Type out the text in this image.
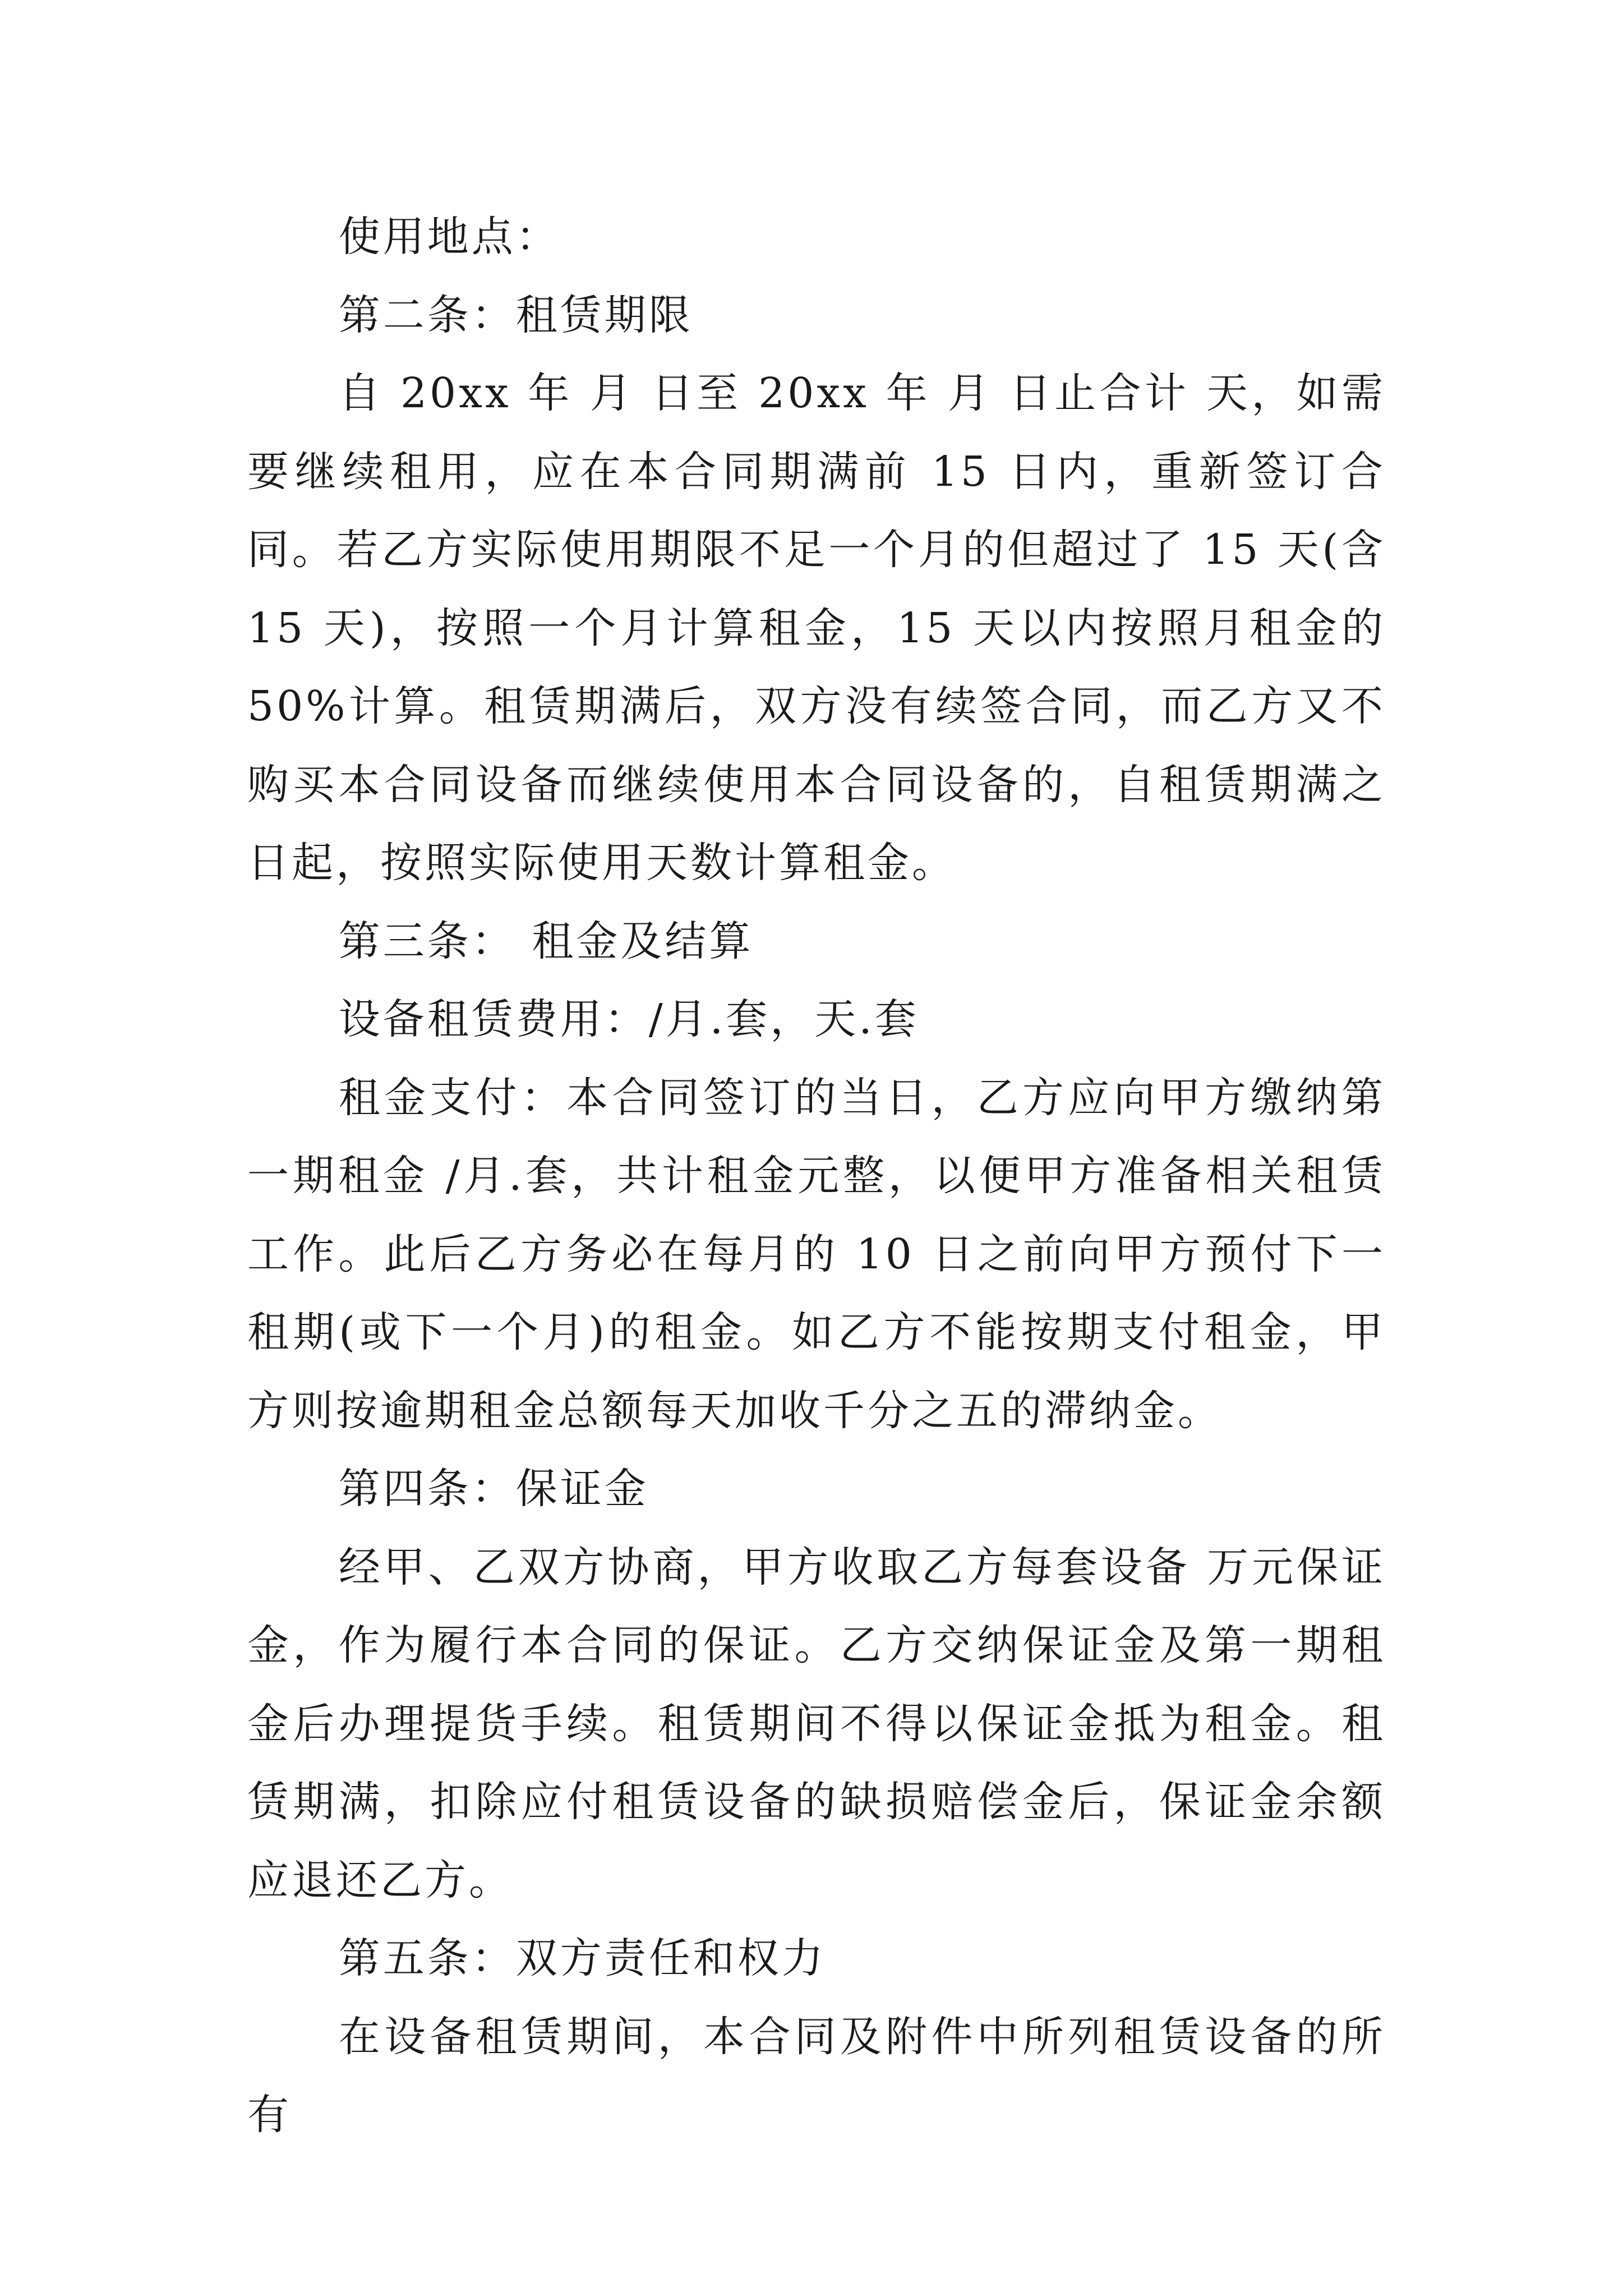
使用地点：

第二条：租赁期限

自 20xx 年 月 日至 20xx 年 月 日止合计 天，如需要继续租用，应在本合同期满前 15 日内，重新签订合同。若乙方实际使用期限不足一个月的但超过了 15 天(含 15 天)，按照一个月计算租金，15 天以内按照月租金的 50%计算。租赁期满后，双方没有续签合同，而乙方又不购买本合同设备而继续使用本合同设备的，自租赁期满之日起，按照实际使用天数计算租金。

第三条： 租金及结算

设备租赁费用：/月.套，天.套

租金支付：本合同签订的当日，乙方应向甲方缴纳第一期租金 /月.套，共计租金元整，以便甲方准备相关租赁工作。此后乙方务必在每月的 10 日之前向甲方预付下一租期(或下一个月)的租金。如乙方不能按期支付租金，甲方则按逾期租金总额每天加收千分之五的滞纳金。

第四条：保证金

经甲、乙双方协商，甲方收取乙方每套设备 万元保证金，作为履行本合同的保证。乙方交纳保证金及第一期租金后办理提货手续。租赁期间不得以保证金抵为租金。租赁期满，扣除应付租赁设备的缺损赔偿金后，保证金余额应退还乙方。

第五条：双方责任和权力

在设备租赁期间，本合同及附件中所列租赁设备的所有
